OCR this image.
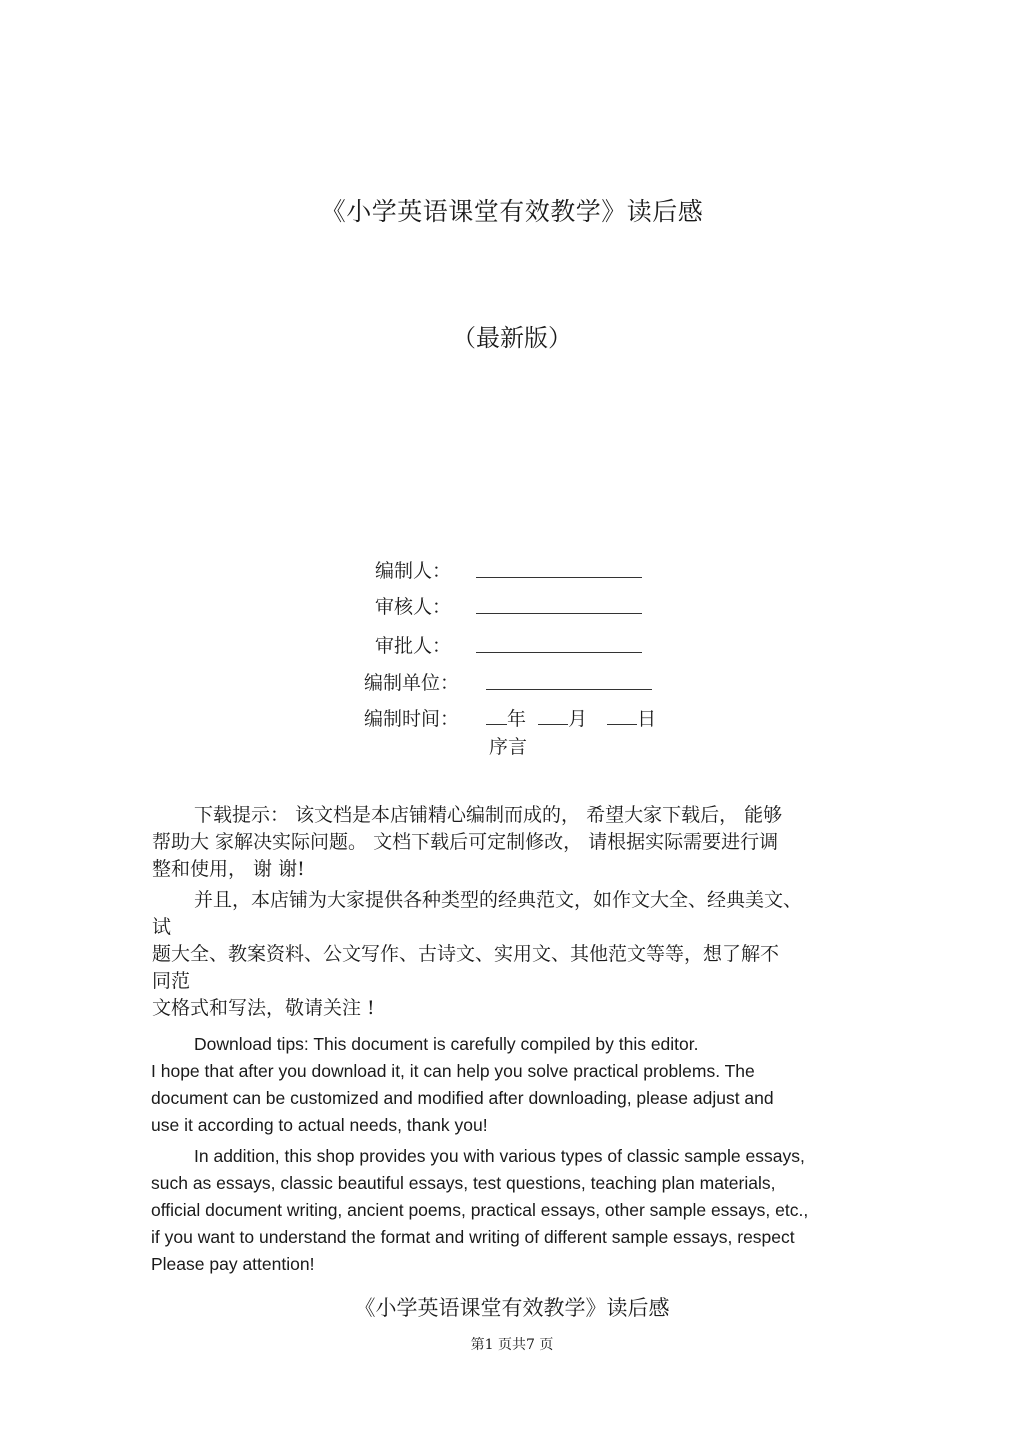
《小学英语课堂有效教学》读后感
（最新版）
编制人：
审核人：
审批人：
编制单位：
编制时间：	年 月	日
序言
下载提示： 该文档是本店铺精心编制而成的， 希望大家下载后， 能够
帮助大 家解决实际问题。 文档下载后可定制修改， 请根据实际需要进行调
整和使用， 谢 谢!
并且，本店铺为大家提供各种类型的经典范文，如作文大全、经典美文、
试
题大全、教案资料、公文写作、古诗文、实用文、其他范文等等，想了解不
同范
文格式和写法，敬请关注 !
Download tips: This document is carefully compiled by this editor.
I hope that after you download it, it can help you solve practical problems. The
document can be customized and modified after downloading, please adjust and
use it according to actual needs, thank you!
In addition, this shop provides you with various types of classic sample essays,
such as essays, classic beautiful essays, test questions, teaching plan materials,
official document writing, ancient poems, practical essays, other sample essays, etc.,
if you want to understand the format and writing of different sample essays, respect
Please pay attention!
《小学英语课堂有效教学》读后感
第1 页共7 页
